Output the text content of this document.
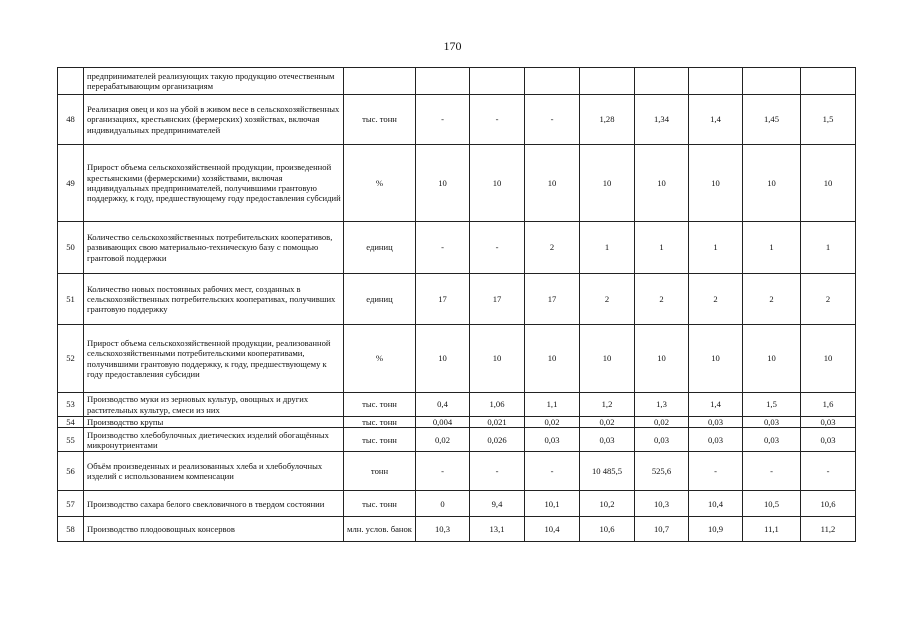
170
	предпринимателей реализующих такую продукцию отечественным перерабатывающим организациям									
48	Реализация овец и коз на убой в живом весе в сельскохозяйственных организациях, крестьянских (фермерских) хозяйствах, включая индивидуальных предпринимателей	тыс. тонн	-	-	-	1,28	1,34	1,4	1,45	1,5
49	Прирост объема сельскохозяйственной продукции, произведенной крестьянскими (фермерскими) хозяйствами, включая индивидуальных предпринимателей, получившими грантовую поддержку, к году, предшествующему году предоставления субсидий	%	10	10	10	10	10	10	10	10
50	Количество сельскохозяйственных потребительских кооперативов, развивающих свою материально-техническую базу с помощью грантовой поддержки	единиц	-	-	2	1	1	1	1	1
51	Количество новых постоянных рабочих мест, созданных в сельскохозяйственных потребительских кооперативах, получивших грантовую поддержку	единиц	17	17	17	2	2	2	2	2
52	Прирост объема сельскохозяйственной продукции, реализованной сельскохозяйственными потребительскими кооперативами, получившими грантовую поддержку, к году, предшествующему к году предоставления субсидии	%	10	10	10	10	10	10	10	10
53	Производство муки из зерновых культур, овощных и других растительных культур, смеси из них	тыс. тонн	0,4	1,06	1,1	1,2	1,3	1,4	1,5	1,6
54	Производство крупы	тыс. тонн	0,004	0,021	0,02	0,02	0,02	0,03	0,03	0,03
55	Производство хлебобулочных диетических изделий обогащённых микронутриентами	тыс. тонн	0,02	0,026	0,03	0,03	0,03	0,03	0,03	0,03
56	Объём произведенных и реализованных хлеба и хлебобулочных изделий с использованием компенсации	тонн	-	-	-	10 485,5	525,6	-	-	-
57	Производство сахара белого свекловичного в твердом состоянии	тыс. тонн	0	9,4	10,1	10,2	10,3	10,4	10,5	10,6
58	Производство плодоовощных консервов	млн. услов. банок	10,3	13,1	10,4	10,6	10,7	10,9	11,1	11,2
